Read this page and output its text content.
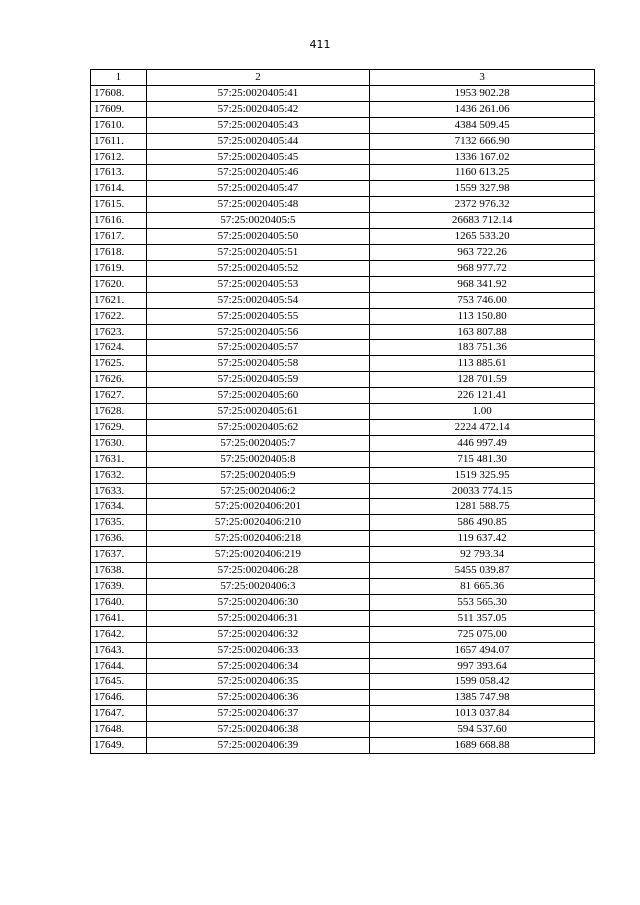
411
1	2	3
17608.	57:25:0020405:41	1953 902.28
17609.	57:25:0020405:42	1436 261.06
17610.	57:25:0020405:43	4384 509.45
17611.	57:25:0020405:44	7132 666.90
17612.	57:25:0020405:45	1336 167.02
17613.	57:25:0020405:46	1160 613.25
17614.	57:25:0020405:47	1559 327.98
17615.	57:25:0020405:48	2372 976.32
17616.	57:25:0020405:5	26683 712.14
17617.	57:25:0020405:50	1265 533.20
17618.	57:25:0020405:51	963 722.26
17619.	57:25:0020405:52	968 977.72
17620.	57:25:0020405:53	968 341.92
17621.	57:25:0020405:54	753 746.00
17622.	57:25:0020405:55	113 150.80
17623.	57:25:0020405:56	163 807.88
17624.	57:25:0020405:57	183 751.36
17625.	57:25:0020405:58	113 885.61
17626.	57:25:0020405:59	128 701.59
17627.	57:25:0020405:60	226 121.41
17628.	57:25:0020405:61	1.00
17629.	57:25:0020405:62	2224 472.14
17630.	57:25:0020405:7	446 997.49
17631.	57:25:0020405:8	715 481.30
17632.	57:25:0020405:9	1519 325.95
17633.	57:25:0020406:2	20033 774.15
17634.	57:25:0020406:201	1281 588.75
17635.	57:25:0020406:210	586 490.85
17636.	57:25:0020406:218	119 637.42
17637.	57:25:0020406:219	92 793.34
17638.	57:25:0020406:28	5455 039.87
17639.	57:25:0020406:3	81 665.36
17640.	57:25:0020406:30	553 565.30
17641.	57:25:0020406:31	511 357.05
17642.	57:25:0020406:32	725 075.00
17643.	57:25:0020406:33	1657 494.07
17644.	57:25:0020406:34	997 393.64
17645.	57:25:0020406:35	1599 058.42
17646.	57:25:0020406:36	1385 747.98
17647.	57:25:0020406:37	1013 037.84
17648.	57:25:0020406:38	594 537.60
17649.	57:25:0020406:39	1689 668.88
